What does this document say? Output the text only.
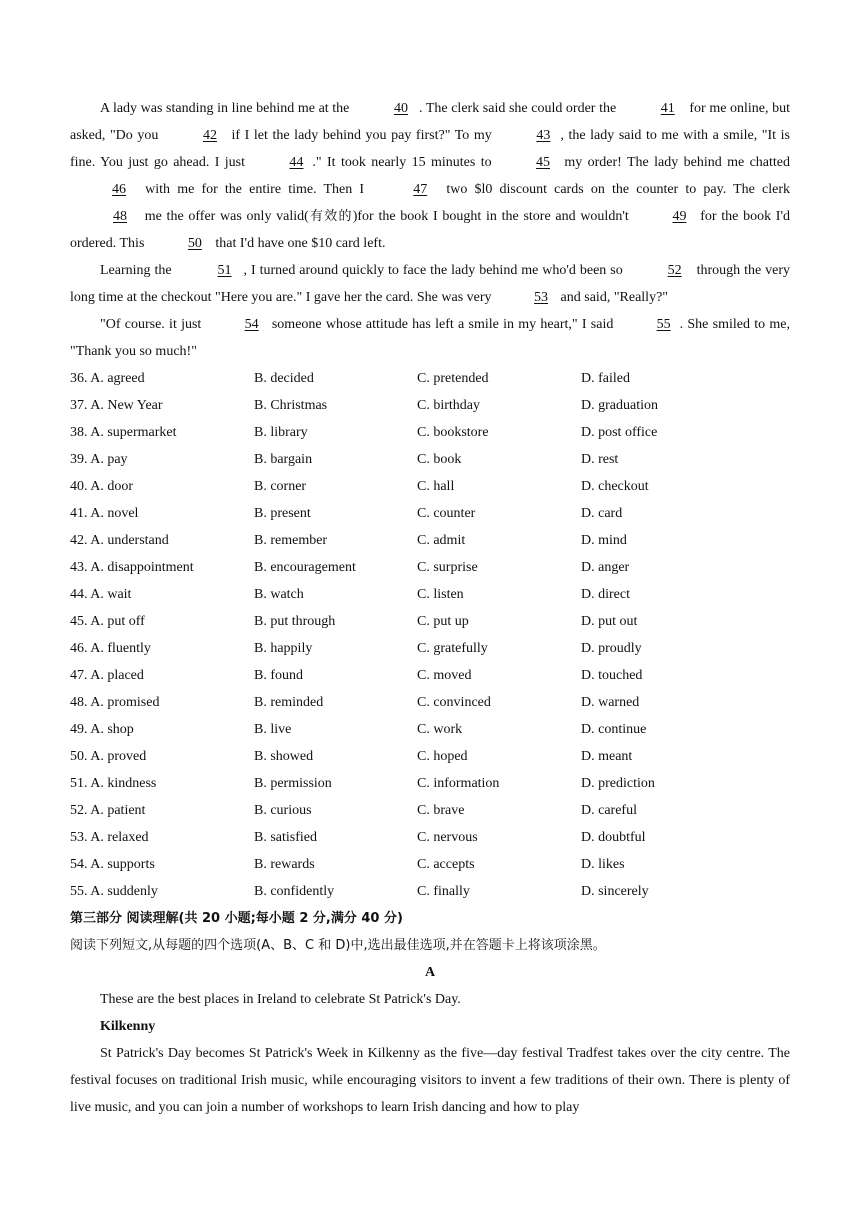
A lady was standing in line behind me at the	40 . The clerk said she could order the	41 for me online, but asked, "Do you	42 if I let the lady behind you pay first?" To my	43 , the lady said to me with a smile, "It is fine. You just go ahead. I just	44 ." It took nearly 15 minutes to	45 my order! The lady behind me chatted 46 with me for the entire time. Then I	47 two $l0 discount cards on the counter to pay. The clerk 48 me the offer was only valid(有效的)for the book I bought in the store and wouldn't	49 for the book I'd ordered. This	50 that I'd have one $10 card left.

Learning the	51 , I turned around quickly to face the lady behind me who'd been so	52 through the very long time at the checkout "Here you are." I gave her the card. She was very	53 and said, "Really?"

"Of course. it just	54 someone whose attitude has left a smile in my heart," I said	55 . She smiled to me, "Thank you so much!"

36. A. agreed	B. decided	C. pretended	D. failed
37. A. New Year	B. Christmas	C. birthday	D. graduation
38. A. supermarket	B. library	C. bookstore	D. post office
39. A. pay	B. bargain	C. book	D. rest
40. A. door	B. corner	C. hall	D. checkout
41. A. novel	B. present	C. counter	D. card
42. A. understand	B. remember	C. admit	D. mind
43. A. disappointment	B. encouragement	C. surprise	D. anger
44. A. wait	B. watch	C. listen	D. direct
45. A. put off	B. put through	C. put up	D. put out
46. A. fluently	B. happily	C. gratefully	D. proudly
47. A. placed	B. found	C. moved	D. touched
48. A. promised	B. reminded	C. convinced	D. warned
49. A. shop	B. live	C. work	D. continue
50. A. proved	B. showed	C. hoped	D. meant
51. A. kindness	B. permission	C. information	D. prediction
52. A. patient	B. curious	C. brave	D. careful
53. A. relaxed	B. satisfied	C. nervous	D. doubtful
54. A. supports	B. rewards	C. accepts	D. likes
55. A. suddenly	B. confidently	C. finally	D. sincerely
第三部分 阅读理解(共 20 小题;每小题 2 分,满分 40 分)
阅读下列短文,从每题的四个选项(A、B、C 和 D)中,选出最佳选项,并在答题卡上将该项涂黑。
A

These are the best places in Ireland to celebrate St Patrick's Day.

Kilkenny

St Patrick's Day becomes St Patrick's Week in Kilkenny as the five—day festival Tradfest takes over the city centre. The festival focuses on traditional Irish music, while encouraging visitors to invent a few traditions of their own. There is plenty of live music, and you can join a number of workshops to learn Irish dancing and how to play
